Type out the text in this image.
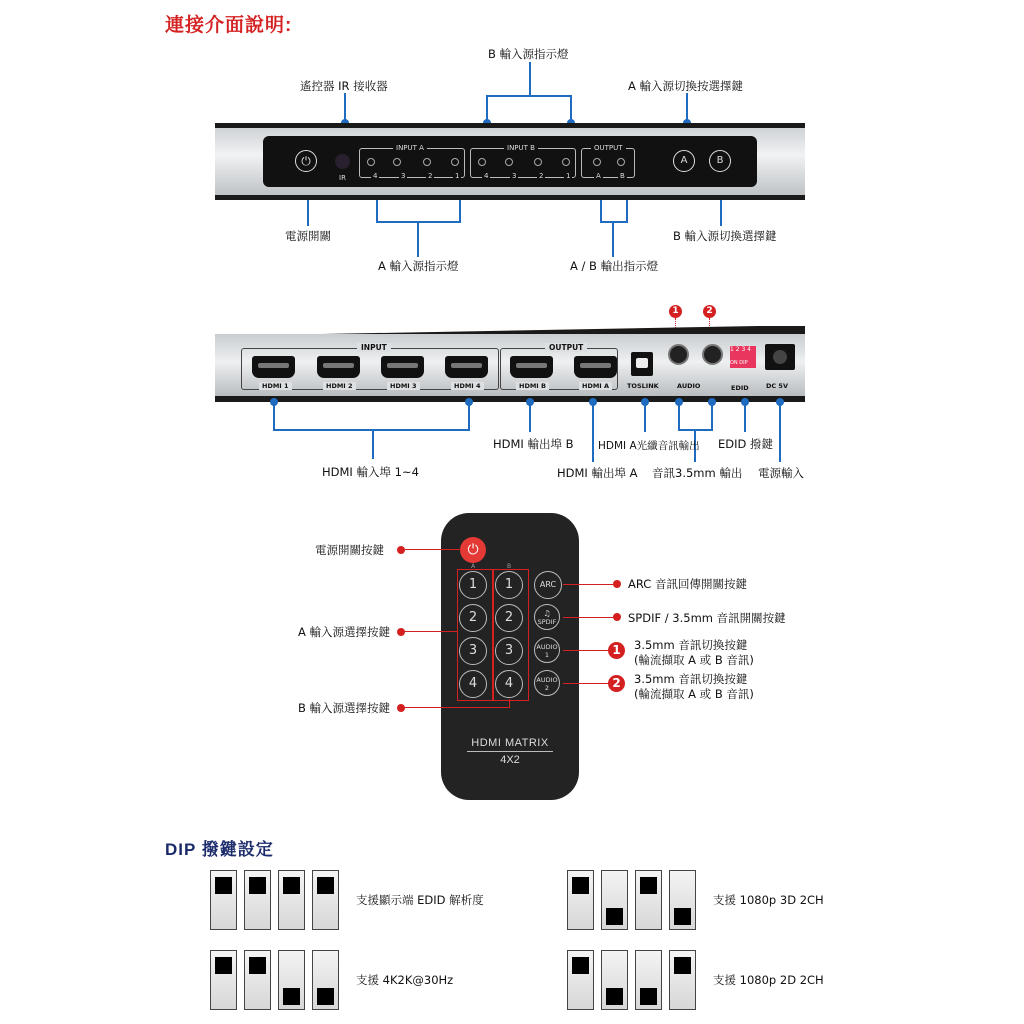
連接介面說明:
B 輸入源指示燈
遙控器 IR 接收器	A 輸入源切換按選擇鍵
電源開關	B 輸入源切換選擇鍵
A 輸入源指示燈	A / B 輸出指示燈
⏻
IR
INPUT A	INPUT B	OUTPUT
4	3	2	1	4	3	2	1	A	B
A	B
1	2
INPUT	OUTPUT
HDMI 1	HDMI 2	HDMI 3	HDMI 4	HDMI B	HDMI A	TOSLINK	AUDIO
1 2 3 4
ON DIP
EDID	DC 5V
HDMI 輸出埠 B HDMI A光纖音訊輸出 EDID 撥鍵
HDMI 輸入埠 1~4	HDMI 輸出埠 A 音訊3.5mm 輸出 電源輸入
⏻
A	B
1
2
3
4
1
2
3
4
ARC
♫
SPDIF
AUDIO 1
AUDIO 2
HDMI MATRIX
4X2
電源開關按鍵
A 輸入源選擇按鍵
B 輸入源選擇按鍵
ARC 音訊回傳開關按鍵
SPDIF / 3.5mm 音訊開關按鍵
1	3.5mm 音訊切換按鍵
(輪流擷取 A 或 B 音訊)
2	3.5mm 音訊切換按鍵
(輪流擷取 A 或 B 音訊)
DIP 撥鍵設定
支援顯示端 EDID 解析度	支援 1080p 3D 2CH
支援 4K2K@30Hz	支援 1080p 2D 2CH
